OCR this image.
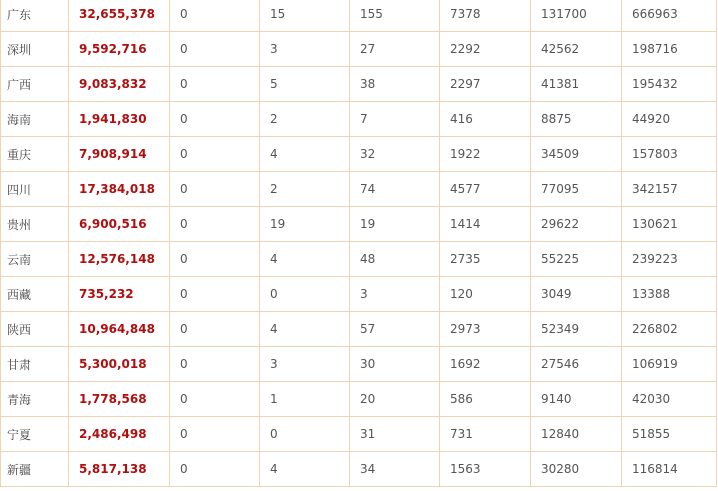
广东	32,655,378	0	15	155	7378	131700	666963
深圳	9,592,716	0	3	27	2292	42562	198716
广西	9,083,832	0	5	38	2297	41381	195432
海南	1,941,830	0	2	7	416	8875	44920
重庆	7,908,914	0	4	32	1922	34509	157803
四川	17,384,018	0	2	74	4577	77095	342157
贵州	6,900,516	0	19	19	1414	29622	130621
云南	12,576,148	0	4	48	2735	55225	239223
西藏	735,232	0	0	3	120	3049	13388
陕西	10,964,848	0	4	57	2973	52349	226802
甘肃	5,300,018	0	3	30	1692	27546	106919
青海	1,778,568	0	1	20	586	9140	42030
宁夏	2,486,498	0	0	31	731	12840	51855
新疆	5,817,138	0	4	34	1563	30280	116814
